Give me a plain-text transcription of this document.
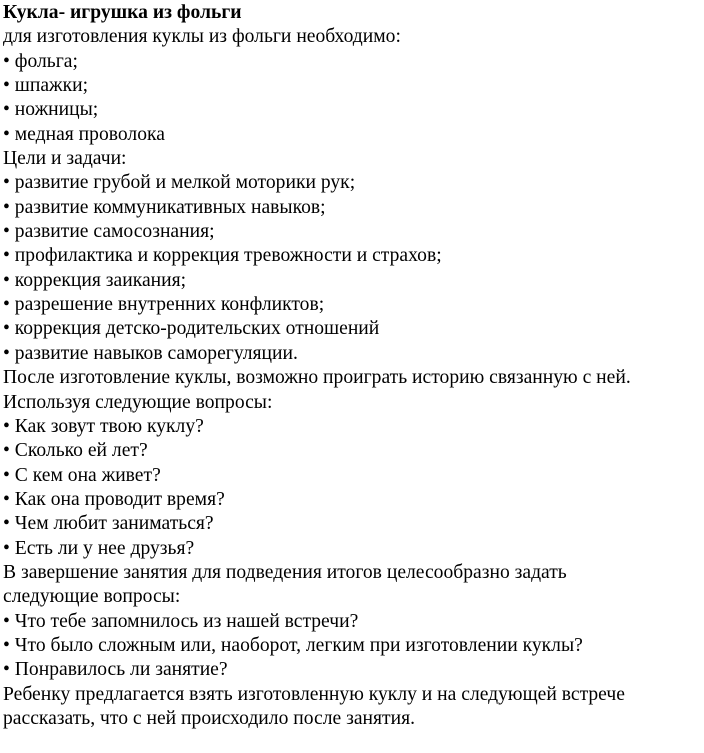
Кукла- игрушка из фольги

для изготовления куклы из фольги необходимо:

• фольга;
• шпажки;
• ножницы;
• медная проволока

Цели и задачи:

• развитие грубой и мелкой моторики рук;
• развитие коммуникативных навыков;
• развитие самосознания;
• профилактика и коррекция тревожности и страхов;
• коррекция заикания;
• разрешение внутренних конфликтов;
• коррекция детско-родительских отношений
• развитие навыков саморегуляции.

После изготовление куклы, возможно проиграть историю связанную с ней.

Используя следующие вопросы:

• Как зовут твою куклу?
• Сколько ей лет?
• С кем она живет?
• Как она проводит время?
• Чем любит заниматься?
• Есть ли у нее друзья?

В завершение занятия для подведения итогов целесообразно задать

следующие вопросы:

• Что тебе запомнилось из нашей встречи?
• Что было сложным или, наоборот, легким при изготовлении куклы?
• Понравилось ли занятие?

Ребенку предлагается взять изготовленную куклу и на следующей встрече

рассказать, что с ней происходило после занятия.
